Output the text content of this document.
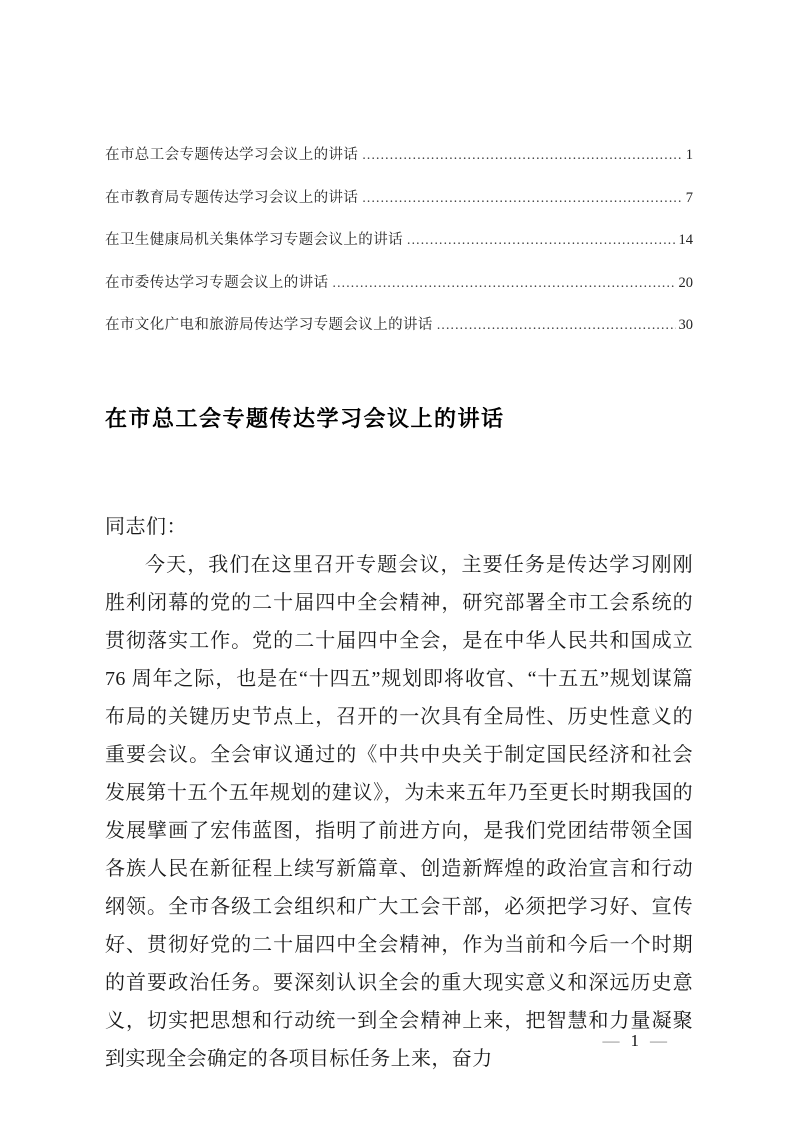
在市总工会专题传达学习会议上的讲话 .....	1
在市教育局专题传达学习会议上的讲话 .....	7
在卫生健康局机关集体学习专题会议上的讲话 .....	14
在市委传达学习专题会议上的讲话 .....	20
在市文化广电和旅游局传达学习专题会议上的讲话 .....	30
在市总工会专题传达学习会议上的讲话
同志们：

今天，我们在这里召开专题会议，主要任务是传达学习刚刚胜利闭幕的党的二十届四中全会精神，研究部署全市工会系统的贯彻落实工作。党的二十届四中全会，是在中华人民共和国成立 76 周年之际，也是在“十四五”规划即将收官、“十五五”规划谋篇布局的关键历史节点上，召开的一次具有全局性、历史性意义的重要会议。全会审议通过的《中共中央关于制定国民经济和社会发展第十五个五年规划的建议》，为未来五年乃至更长时期我国的发展擘画了宏伟蓝图，指明了前进方向，是我们党团结带领全国各族人民在新征程上续写新篇章、创造新辉煌的政治宣言和行动纲领。全市各级工会组织和广大工会干部，必须把学习好、宣传好、贯彻好党的二十届四中全会精神，作为当前和今后一个时期的首要政治任务。要深刻认识全会的重大现实意义和深远历史意义，切实把思想和行动统一到全会精神上来，把智慧和力量凝聚到实现全会确定的各项目标任务上来，奋力

— 1 —
